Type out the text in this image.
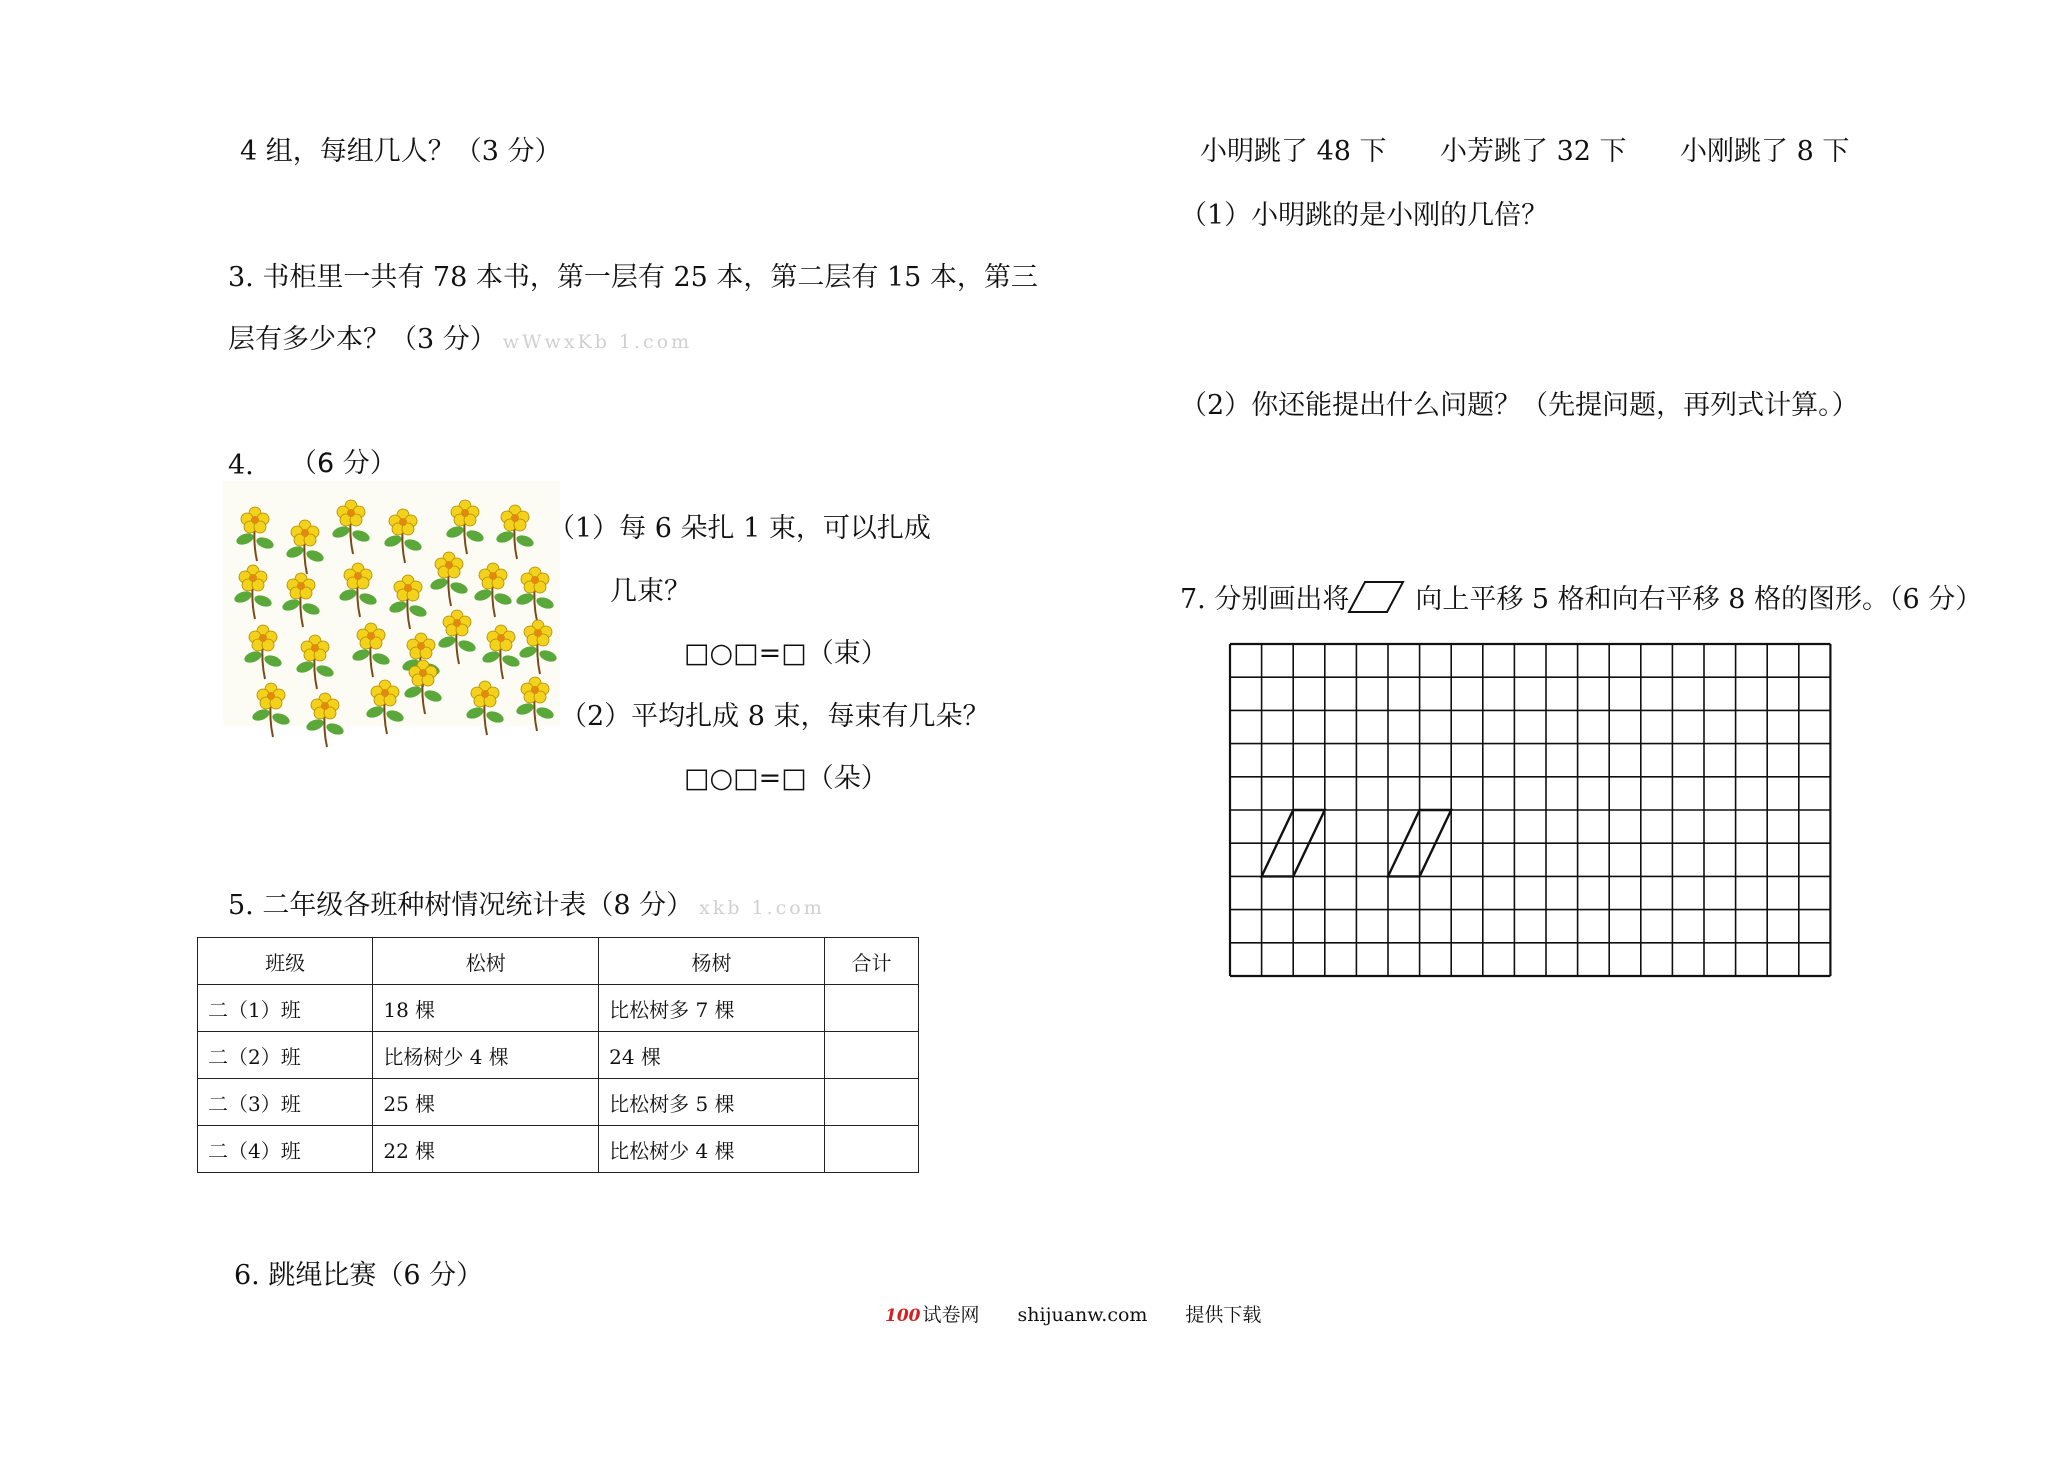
4 组，每组几人？（3 分）
3. 书柜里一共有 78 本书，第一层有 25 本，第二层有 15 本，第三
层有多少本？（3 分） wWwxKb 1.com
4. （6 分）
（1）每 6 朵扎 1 束，可以扎成
几束？
□○□=□（束）
（2）平均扎成 8 束，每束有几朵？
□○□=□（朵）
5. 二年级各班种树情况统计表（8 分） xkb 1.com
班级	松树	杨树	合计
二（1）班	18 棵	比松树多 7 棵	
二（2）班	比杨树少 4 棵	24 棵	
二（3）班	25 棵	比松树多 5 棵	
二（4）班	22 棵	比松树少 4 棵	
6. 跳绳比赛（6 分）
小明跳了 48 下 小芳跳了 32 下 小刚跳了 8 下
（1）小明跳的是小刚的几倍？
（2）你还能提出什么问题？（先提问题，再列式计算。）
7. 分别画出将 向上平移 5 格和向右平移 8 格的图形。（6 分）
100 试卷网 shijuanw.com 提供下载
